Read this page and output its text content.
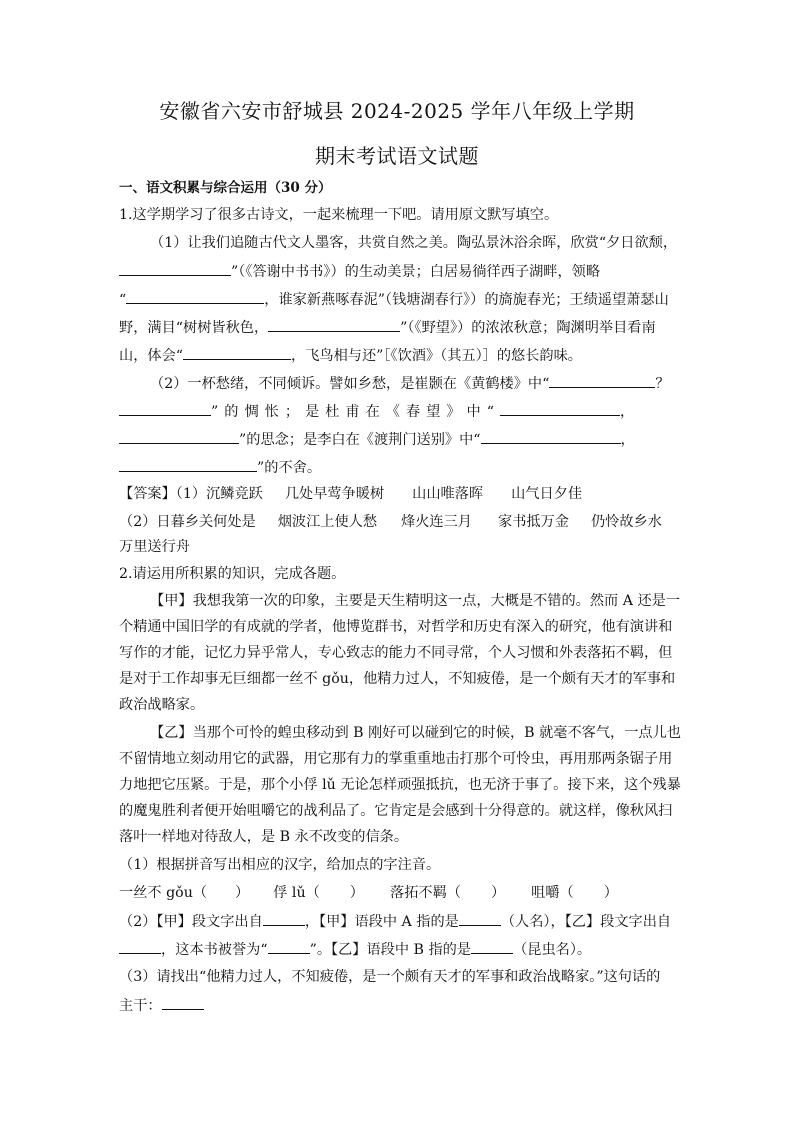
安徽省六安市舒城县 2024-2025 学年八年级上学期
期末考试语文试题
一、语文积累与综合运用（30 分）
1.这学期学习了很多古诗文，一起来梳理一下吧。请用原文默写填空。
（1）让我们追随古代文人墨客，共赏自然之美。陶弘景沐浴余晖，欣赏“夕日欲颓，
”（《答谢中书书》）的生动美景；白居易徜徉西子湖畔，领略
“	，谁家新燕啄春泥”（钱塘湖春行》）的旖旎春光；王绩遥望萧瑟山
野，满目“树树皆秋色，	”（《野望》）的浓浓秋意；陶渊明举目看南
山，体会“	，飞鸟相与还”［《饮酒》（其五）］的悠长韵味。
（2）一杯愁绪，不同倾诉。譬如乡愁，是崔颢在《黄鹤楼》中“	？
”的惆怅；是杜甫在《春望》中“	，
”的思念；是李白在《渡荆门送别》中“	，
”的不舍。
【答案】（1）沉鳞竞跃 几处早莺争暖树 山山唯落晖 山气日夕佳
（2）日暮乡关何处是 烟波江上使人愁 烽火连三月 家书抵万金 仍怜故乡水
万里送行舟
2.请运用所积累的知识，完成各题。
【甲】我想我第一次的印象，主要是天生精明这一点，大概是不错的。然而 A 还是一
个精通中国旧学的有成就的学者，他博览群书，对哲学和历史有深入的研究，他有演讲和
写作的才能，记忆力异乎常人，专心致志的能力不同寻常，个人习惯和外表落拓不羁，但
是对于工作却事无巨细都一丝不 gǒu，他精力过人，不知疲倦，是一个颇有天才的军事和
政治战略家。
【乙】当那个可怜的蝗虫移动到 B 刚好可以碰到它的时候，B 就毫不客气，一点儿也
不留情地立刻动用它的武器，用它那有力的掌重重地击打那个可怜虫，再用那两条锯子用
力地把它压紧。于是，那个小俘 lǔ 无论怎样顽强抵抗，也无济于事了。接下来，这个残暴
的魔鬼胜利者便开始咀嚼它的战利品了。它肯定是会感到十分得意的。就这样，像秋风扫
落叶一样地对待敌人，是 B 永不改变的信条。
（1）根据拼音写出相应的汉字，给加点的字注音。
一丝不 gǒu（ ） 俘 lǔ（ ） 落拓不羁（ ） 咀嚼（ ）
（2）【甲】段文字出自	，【甲】语段中 A 指的是	（人名），【乙】段文字出自
，这本书被誉为“	”。【乙】语段中 B 指的是	（昆虫名）。
（3）请找出“他精力过人，不知疲倦，是一个颇有天才的军事和政治战略家。”这句话的
主干：
